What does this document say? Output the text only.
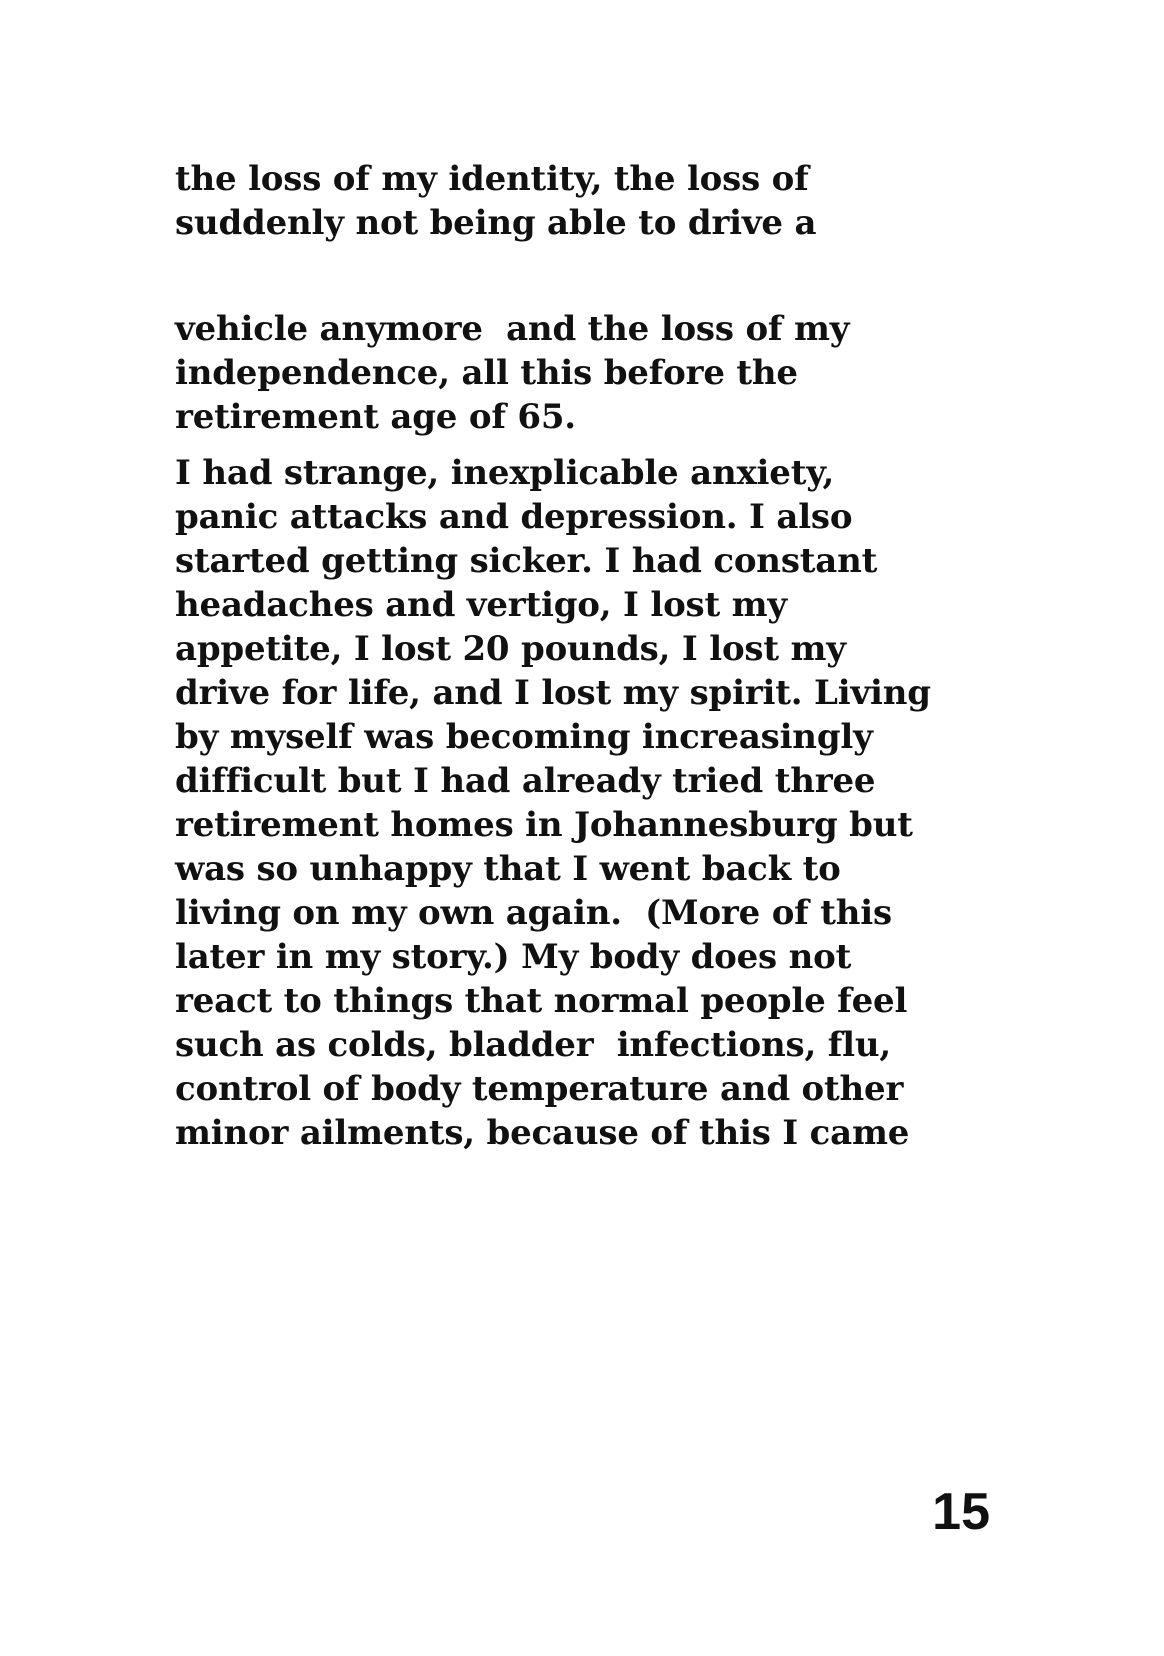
the loss of my identity, the loss of
suddenly not being able to drive a

vehicle anymore  and the loss of my
independence, all this before the
retirement age of 65.

I had strange, inexplicable anxiety,
panic attacks and depression. I also
started getting sicker. I had constant
headaches and vertigo, I lost my
appetite, I lost 20 pounds, I lost my
drive for life, and I lost my spirit. Living
by myself was becoming increasingly
difficult but I had already tried three
retirement homes in Johannesburg but
was so unhappy that I went back to
living on my own again.  (More of this
later in my story.) My body does not
react to things that normal people feel
such as colds, bladder  infections, flu,
control of body temperature and other
minor ailments, because of this I came

15
